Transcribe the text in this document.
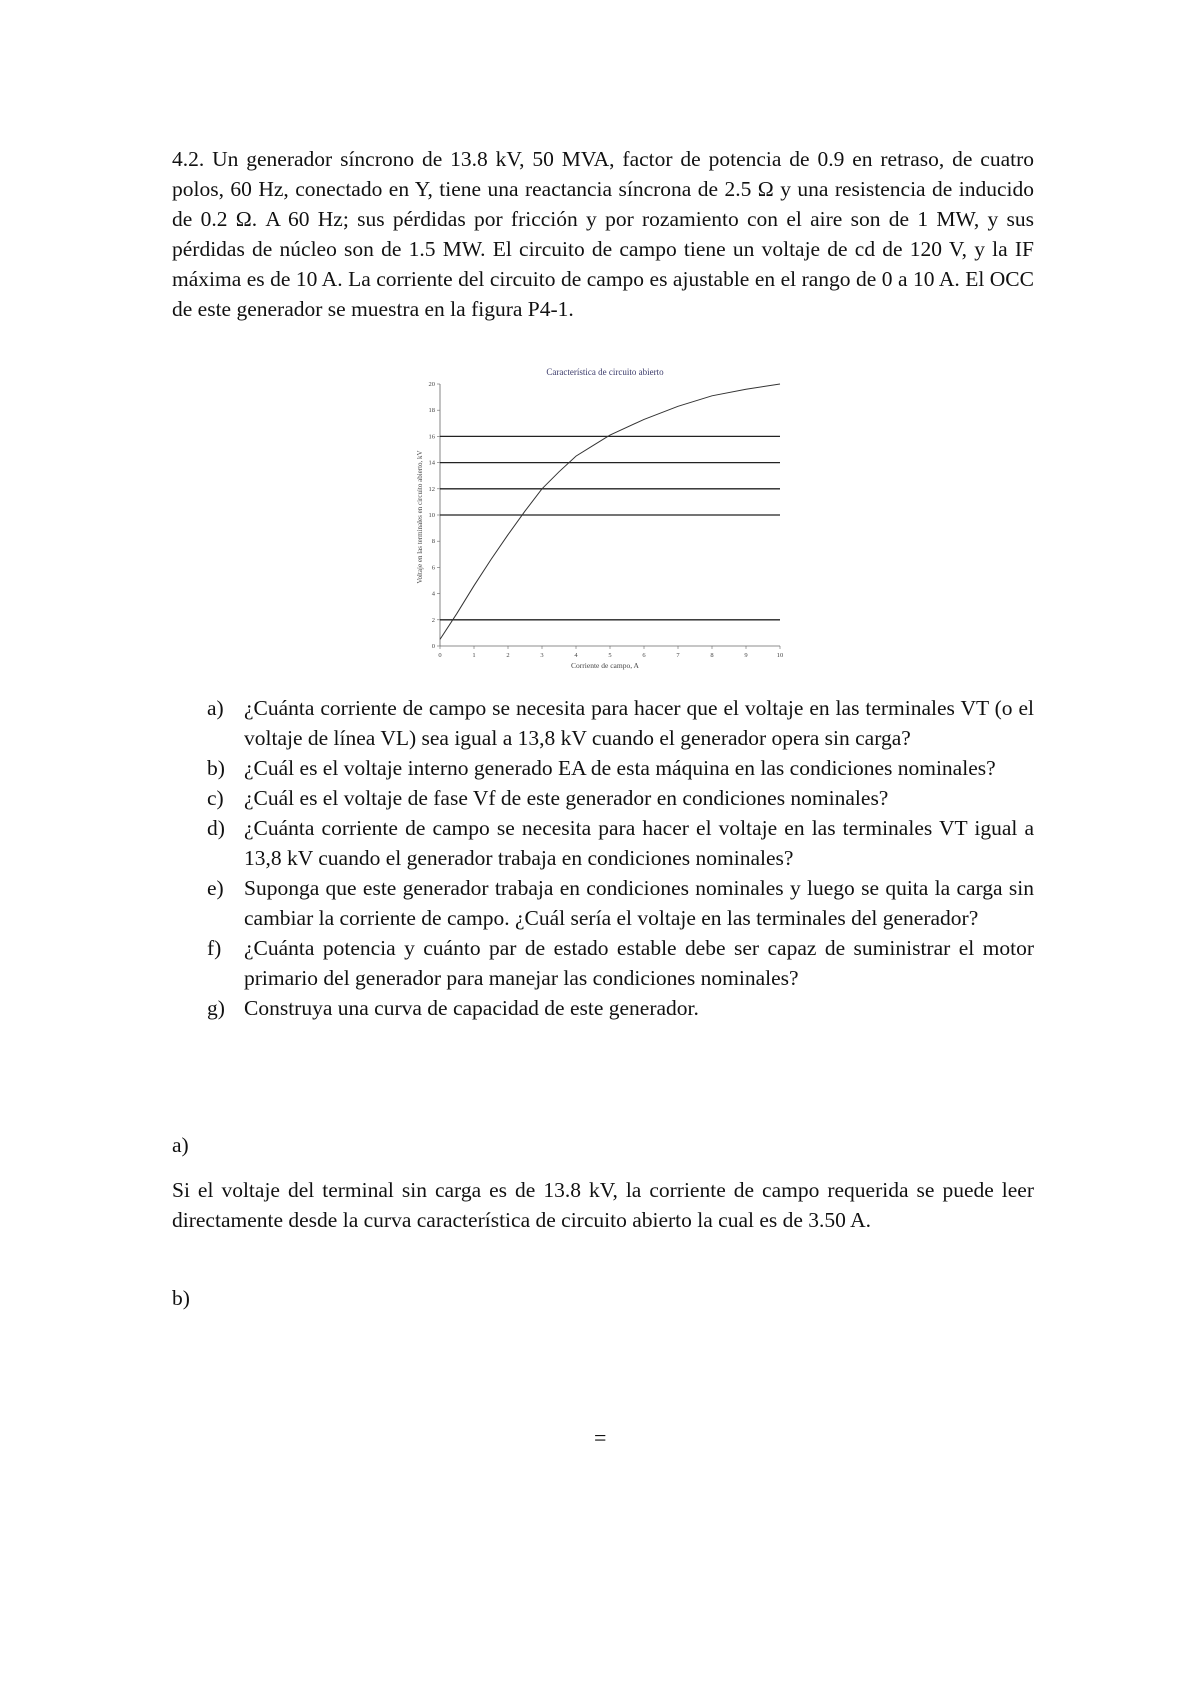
4.2. Un generador síncrono de 13.8 kV, 50 MVA, factor de potencia de 0.9 en retraso, de cuatro polos, 60 Hz, conectado en Y, tiene una reactancia síncrona de 2.5 Ω y una resistencia de inducido de 0.2 Ω. A 60 Hz; sus pérdidas por fricción y por rozamiento con el aire son de 1 MW, y sus pérdidas de núcleo son de 1.5 MW. El circuito de campo tiene un voltaje de cd de 120 V, y la IF máxima es de 10 A. La corriente del circuito de campo es ajustable en el rango de 0 a 10 A. El OCC de este generador se muestra en la figura P4-1.

Característica de circuito abierto
Voltaje en las terminales en circuito abierto, kV
Corriente de campo, A
0	1	2	3	4	5	6	7	8	9	10
0
2
4
6
8
10
12
14
16
18
20
a) ¿Cuánta corriente de campo se necesita para hacer que el voltaje en las terminales VT (o el voltaje de línea VL) sea igual a 13,8 kV cuando el generador opera sin carga?
b) ¿Cuál es el voltaje interno generado EA de esta máquina en las condiciones nominales?
c) ¿Cuál es el voltaje de fase Vf de este generador en condiciones nominales?
d) ¿Cuánta corriente de campo se necesita para hacer el voltaje en las terminales VT igual a 13,8 kV cuando el generador trabaja en condiciones nominales?
e) Suponga que este generador trabaja en condiciones nominales y luego se quita la carga sin cambiar la corriente de campo. ¿Cuál sería el voltaje en las terminales del generador?
f)	¿Cuánta potencia y cuánto par de estado estable debe ser capaz de suministrar el motor primario del generador para manejar las condiciones nominales?
g) Construya una curva de capacidad de este generador.
a)

Si el voltaje del terminal sin carga es de 13.8 kV, la corriente de campo requerida se puede leer directamente desde la curva característica de circuito abierto la cual es de 3.50 A.

b)
=
